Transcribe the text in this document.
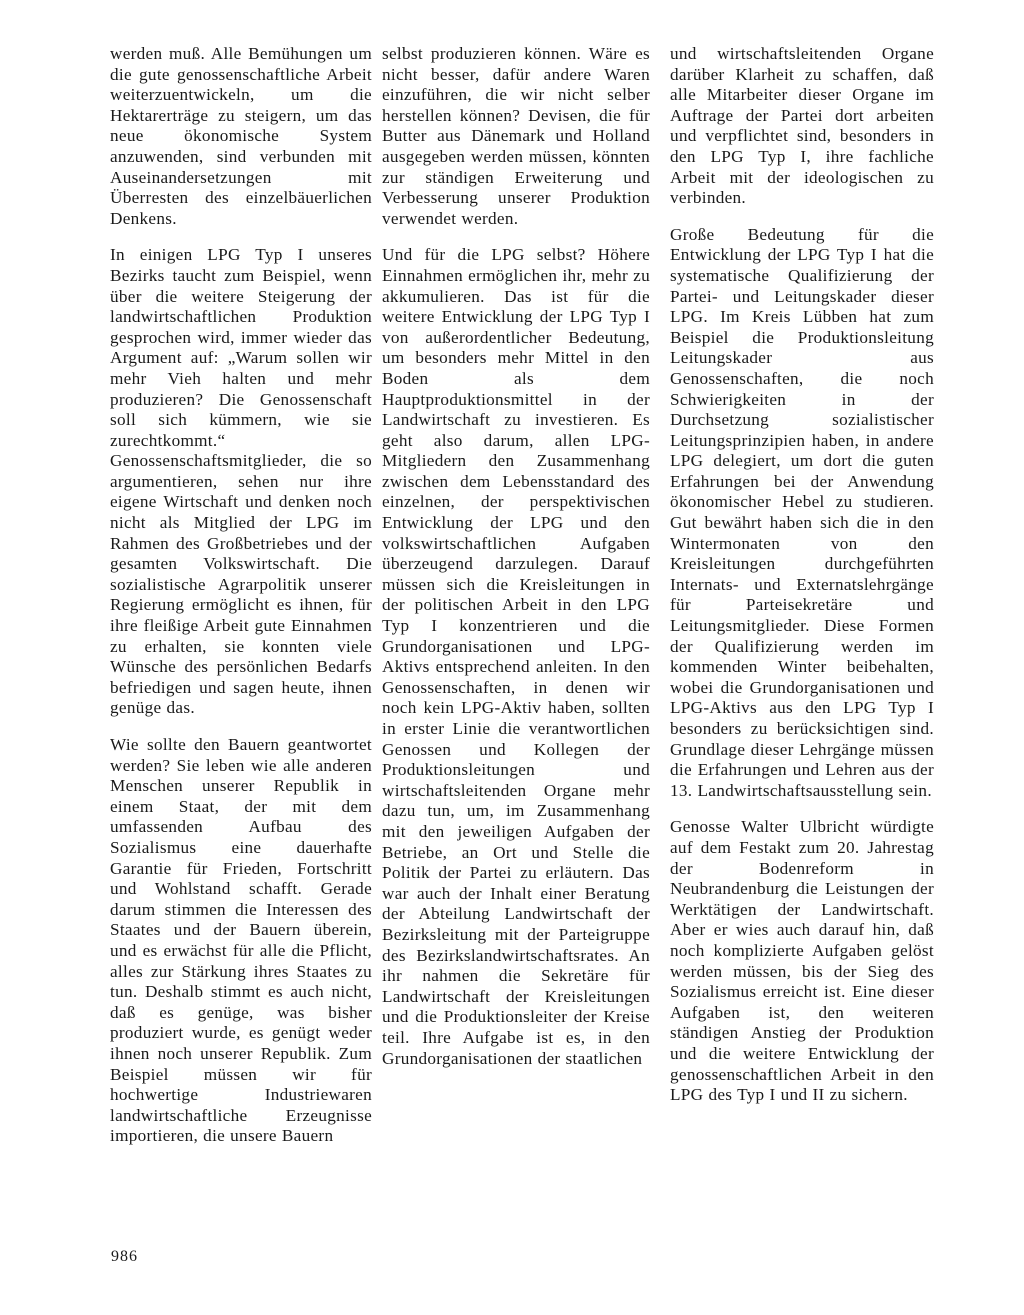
werden muß. Alle Bemühungen um die gute genossenschaftliche Arbeit weiterzuentwickeln, um die Hektarerträge zu steigern, um das neue ökonomische System anzuwenden, sind verbunden mit Auseinandersetzungen mit Überresten des einzelbäuerlichen Denkens.

In einigen LPG Typ I unseres Bezirks taucht zum Beispiel, wenn über die weitere Steigerung der landwirtschaftlichen Produktion gesprochen wird, immer wieder das Argument auf: „Warum sollen wir mehr Vieh halten und mehr produzieren? Die Genossenschaft soll sich kümmern, wie sie zurechtkommt.“ Genossenschaftsmitglieder, die so argumentieren, sehen nur ihre eigene Wirtschaft und denken noch nicht als Mitglied der LPG im Rahmen des Großbetriebes und der gesamten Volkswirtschaft. Die sozialistische Agrarpolitik unserer Regierung ermöglicht es ihnen, für ihre fleißige Arbeit gute Einnahmen zu erhalten, sie konnten viele Wünsche des persönlichen Bedarfs befriedigen und sagen heute, ihnen genüge das.

Wie sollte den Bauern geantwortet werden? Sie leben wie alle anderen Menschen unserer Republik in einem Staat, der mit dem umfassenden Aufbau des Sozialismus eine dauerhafte Garantie für Frieden, Fortschritt und Wohlstand schafft. Gerade darum stimmen die Interessen des Staates und der Bauern überein, und es erwächst für alle die Pflicht, alles zur Stärkung ihres Staates zu tun. Deshalb stimmt es auch nicht, daß es genüge, was bisher produziert wurde, es genügt weder ihnen noch unserer Republik. Zum Beispiel müssen wir für hochwertige Industriewaren landwirtschaftliche Erzeugnisse importieren, die unsere Bauern

selbst produzieren können. Wäre es nicht besser, dafür andere Waren einzuführen, die wir nicht selber herstellen können? Devisen, die für Butter aus Dänemark und Holland ausgegeben werden müssen, könnten zur ständigen Erweiterung und Verbesserung unserer Produktion verwendet werden.

Und für die LPG selbst? Höhere Einnahmen ermöglichen ihr, mehr zu akkumulieren. Das ist für die weitere Entwicklung der LPG Typ I von außerordentlicher Bedeutung, um besonders mehr Mittel in den Boden als dem Hauptproduktionsmittel in der Landwirtschaft zu investieren. Es geht also darum, allen LPG-Mitgliedern den Zusammenhang zwischen dem Lebensstandard des einzelnen, der perspektivischen Entwicklung der LPG und den volkswirtschaftlichen Aufgaben überzeugend darzulegen. Darauf müssen sich die Kreisleitungen in der politischen Arbeit in den LPG Typ I konzentrieren und die Grundorganisationen und LPG-Aktivs entsprechend anleiten. In den Genossenschaften, in denen wir noch kein LPG-Aktiv haben, sollten in erster Linie die verantwortlichen Genossen und Kollegen der Produktionsleitungen und wirtschaftsleitenden Organe mehr dazu tun, um, im Zusammenhang mit den jeweiligen Aufgaben der Betriebe, an Ort und Stelle die Politik der Partei zu erläutern. Das war auch der Inhalt einer Beratung der Abteilung Landwirtschaft der Bezirksleitung mit der Parteigruppe des Bezirkslandwirtschaftsrates. An ihr nahmen die Sekretäre für Landwirtschaft der Kreisleitungen und die Produktionsleiter der Kreise teil. Ihre Aufgabe ist es, in den Grundorganisationen der staatlichen

und wirtschaftsleitenden Organe darüber Klarheit zu schaffen, daß alle Mitarbeiter dieser Organe im Auftrage der Partei dort arbeiten und verpflichtet sind, besonders in den LPG Typ I, ihre fachliche Arbeit mit der ideologischen zu verbinden.

Große Bedeutung für die Entwicklung der LPG Typ I hat die systematische Qualifizierung der Partei- und Leitungskader dieser LPG. Im Kreis Lübben hat zum Beispiel die Produktionsleitung Leitungskader aus Genossenschaften, die noch Schwierigkeiten in der Durchsetzung sozialistischer Leitungsprinzipien haben, in andere LPG delegiert, um dort die guten Erfahrungen bei der Anwendung ökonomischer Hebel zu studieren. Gut bewährt haben sich die in den Wintermonaten von den Kreisleitungen durchgeführten Internats- und Externatslehrgänge für Parteisekretäre und Leitungsmitglieder. Diese Formen der Qualifizierung werden im kommenden Winter beibehalten, wobei die Grundorganisationen und LPG-Aktivs aus den LPG Typ I besonders zu berücksichtigen sind. Grundlage dieser Lehrgänge müssen die Erfahrungen und Lehren aus der 13. Landwirtschaftsausstellung sein.

Genosse Walter Ulbricht würdigte auf dem Festakt zum 20. Jahrestag der Bodenreform in Neubrandenburg die Leistungen der Werktätigen der Landwirtschaft. Aber er wies auch darauf hin, daß noch komplizierte Aufgaben gelöst werden müssen, bis der Sieg des Sozialismus erreicht ist. Eine dieser Aufgaben ist, den weiteren ständigen Anstieg der Produktion und die weitere Entwicklung der genossenschaftlichen Arbeit in den LPG des Typ I und II zu sichern.

986
